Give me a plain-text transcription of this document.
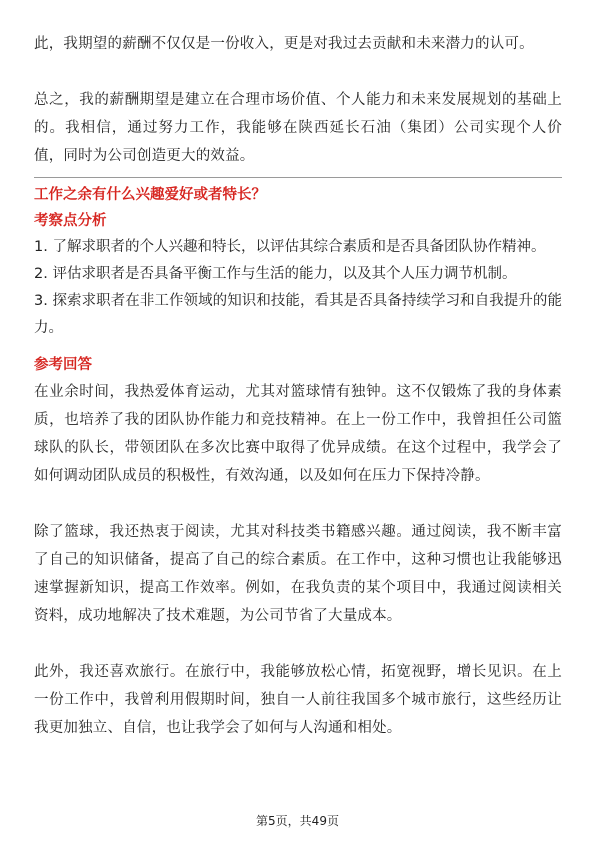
此，我期望的薪酬不仅仅是一份收入，更是对我过去贡献和未来潜力的认可。

总之，我的薪酬期望是建立在合理市场价值、个人能力和未来发展规划的基础上的。我相信，通过努力工作，我能够在陕西延长石油（集团）公司实现个人价值，同时为公司创造更大的效益。

工作之余有什么兴趣爱好或者特长？

考察点分析

1. 了解求职者的个人兴趣和特长，以评估其综合素质和是否具备团队协作精神。

2. 评估求职者是否具备平衡工作与生活的能力，以及其个人压力调节机制。

3. 探索求职者在非工作领域的知识和技能，看其是否具备持续学习和自我提升的能力。

参考回答

在业余时间，我热爱体育运动，尤其对篮球情有独钟。这不仅锻炼了我的身体素质，也培养了我的团队协作能力和竞技精神。在上一份工作中，我曾担任公司篮球队的队长，带领团队在多次比赛中取得了优异成绩。在这个过程中，我学会了如何调动团队成员的积极性，有效沟通，以及如何在压力下保持冷静。

除了篮球，我还热衷于阅读，尤其对科技类书籍感兴趣。通过阅读，我不断丰富了自己的知识储备，提高了自己的综合素质。在工作中，这种习惯也让我能够迅速掌握新知识，提高工作效率。例如，在我负责的某个项目中，我通过阅读相关资料，成功地解决了技术难题，为公司节省了大量成本。

此外，我还喜欢旅行。在旅行中，我能够放松心情，拓宽视野，增长见识。在上一份工作中，我曾利用假期时间，独自一人前往我国多个城市旅行，这些经历让我更加独立、自信，也让我学会了如何与人沟通和相处。

第5页，共49页
